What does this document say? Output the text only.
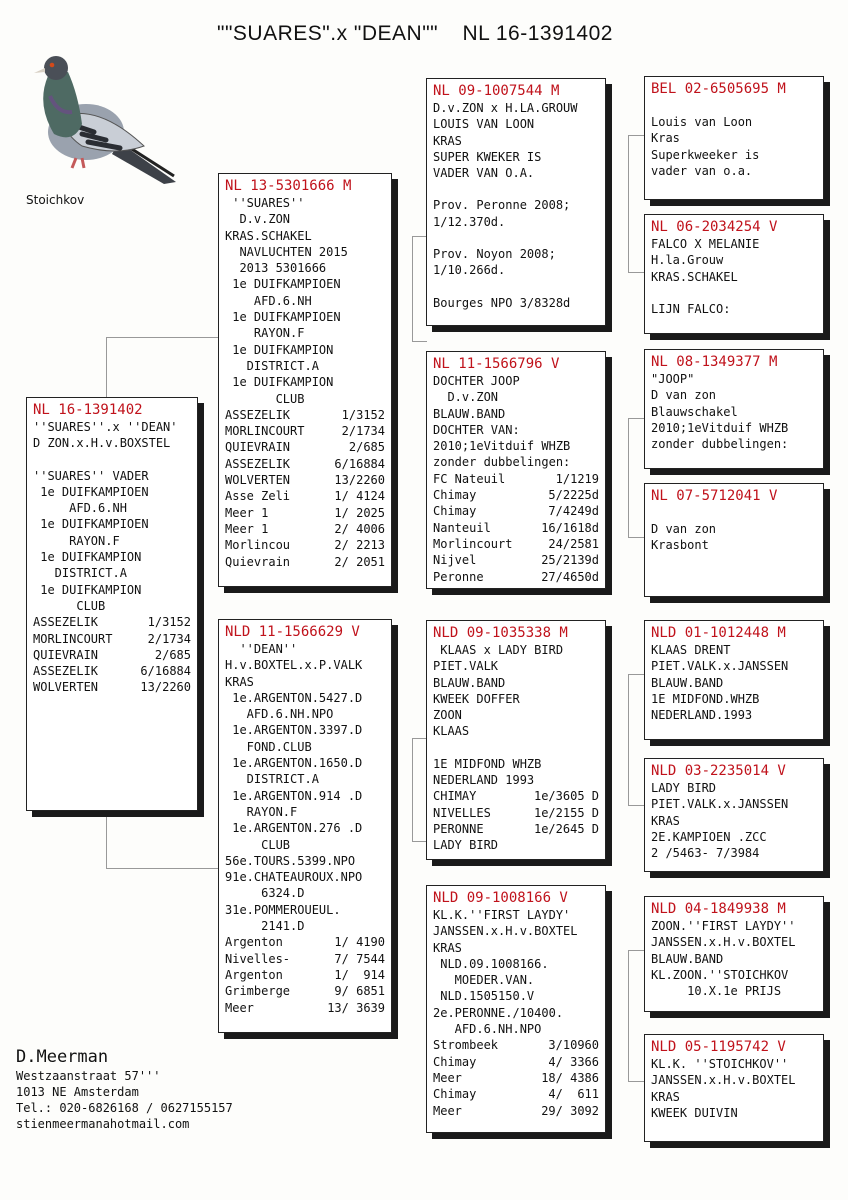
""SUARES".x "DEAN"" NL 16-1391402
Stoichkov
NL 16-1391402
''SUARES''.x ''DEAN'
D ZON.x.H.v.BOXSTEL
''SUARES'' VADER
1e DUIFKAMPIOEN
AFD.6.NH
1e DUIFKAMPIOEN
RAYON.F
1e DUIFKAMPION
DISTRICT.A
1e DUIFKAMPION
CLUB
ASSEZELIK	1/3152
MORLINCOURT	2/1734
QUIEVRAIN	2/685
ASSEZELIK	6/16884
WOLVERTEN	13/2260
NL 13-5301666 M
''SUARES''
D.v.ZON
KRAS.SCHAKEL
NAVLUCHTEN 2015
2013 5301666
1e DUIFKAMPIOEN
AFD.6.NH
1e DUIFKAMPIOEN
RAYON.F
1e DUIFKAMPION
DISTRICT.A
1e DUIFKAMPION
CLUB
ASSEZELIK	1/3152
MORLINCOURT	2/1734
QUIEVRAIN	2/685
ASSEZELIK	6/16884
WOLVERTEN	13/2260
Asse Zeli	1/ 4124
Meer 1	1/ 2025
Meer 1	2/ 4006
Morlincou	2/ 2213
Quievrain	2/ 2051
NLD 11-1566629 V
''DEAN''
H.v.BOXTEL.x.P.VALK
KRAS
1e.ARGENTON.5427.D
AFD.6.NH.NPO
1e.ARGENTON.3397.D
FOND.CLUB
1e.ARGENTON.1650.D
DISTRICT.A
1e.ARGENTON.914 .D
RAYON.F
1e.ARGENTON.276 .D
CLUB
56e.TOURS.5399.NPO
91e.CHATEAUROUX.NPO
6324.D
31e.POMMEROUEUL.
2141.D
Argenton	1/ 4190
Nivelles-	7/ 7544
Argenton	1/  914
Grimberge	9/ 6851
Meer	13/ 3639
NL 09-1007544 M
D.v.ZON x H.LA.GROUW
LOUIS VAN LOON
KRAS
SUPER KWEKER IS
VADER VAN O.A.
Prov. Peronne 2008;
1/12.370d.
Prov. Noyon 2008;
1/10.266d.
Bourges NPO 3/8328d
NL 11-1566796 V
DOCHTER JOOP
D.v.ZON
BLAUW.BAND
DOCHTER VAN:
2010;1eVitduif WHZB
zonder dubbelingen:
FC Nateuil	1/1219
Chimay	5/2225d
Chimay	7/4249d
Nanteuil	16/1618d
Morlincourt	24/2581
Nijvel	25/2139d
Peronne	27/4650d
NLD 09-1035338 M
KLAAS x LADY BIRD
PIET.VALK
BLAUW.BAND
KWEEK DOFFER
ZOON
KLAAS
1E MIDFOND WHZB
NEDERLAND 1993
CHIMAY	1e/3605 D
NIVELLES	1e/2155 D
PERONNE	1e/2645 D
LADY BIRD
NLD 09-1008166 V
KL.K.''FIRST LAYDY'
JANSSEN.x.H.v.BOXTEL
KRAS
NLD.09.1008166.
MOEDER.VAN.
NLD.1505150.V
2e.PERONNE./10400.
AFD.6.NH.NPO
Strombeek	3/10960
Chimay	4/ 3366
Meer	18/ 4386
Chimay	4/  611
Meer	29/ 3092
BEL 02-6505695 M
Louis van Loon
Kras
Superkweeker is
vader van o.a.
NL 06-2034254 V
FALCO X MELANIE
H.la.Grouw
KRAS.SCHAKEL
LIJN FALCO:
NL 08-1349377 M
"JOOP"
D van zon
Blauwschakel
2010;1eVitduif WHZB
zonder dubbelingen:
NL 07-5712041 V
D van zon
Krasbont
NLD 01-1012448 M
KLAAS DRENT
PIET.VALK.x.JANSSEN
BLAUW.BAND
1E MIDFOND.WHZB
NEDERLAND.1993
NLD 03-2235014 V
LADY BIRD
PIET.VALK.x.JANSSEN
KRAS
2E.KAMPIOEN .ZCC
2 /5463- 7/3984
NLD 04-1849938 M
ZOON.''FIRST LAYDY''
JANSSEN.x.H.v.BOXTEL
BLAUW.BAND
KL.ZOON.''STOICHKOV
10.X.1e PRIJS
NLD 05-1195742 V
KL.K. ''STOICHKOV''
JANSSEN.x.H.v.BOXTEL
KRAS
KWEEK DUIVIN
D.Meerman
Westzaanstraat 57'''
1013 NE Amsterdam
Tel.: 020-6826168 / 0627155157
stienmeermanahotmail.com
